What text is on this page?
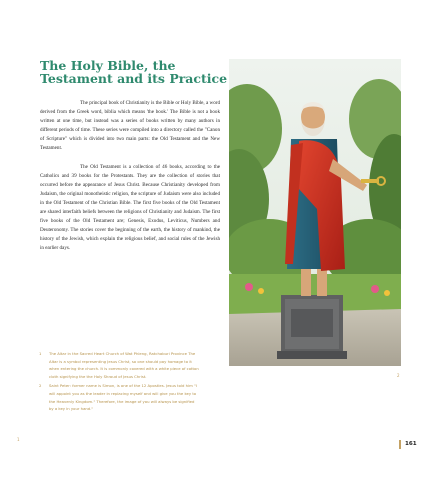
The Holy Bible, the Testament and its Practice

The principal book of Christianity is the Bible or Holy Bible, a word derived from the Greek word, biblia which means 'the book.' The Bible is not a book written at one time, but instead was a series of books written by many authors in different periods of time. These series were compiled into a directory called the "Canon of Scripture" which is divided into two main parts: the Old Testament and the New Testament.

The Old Testament is a collection of 46 books, according to the Catholics and 39 books for the Protestants. They are the collection of stories that occurred before the appearance of Jesus Christ. Because Christianity developed from Judaism, the original monotheistic religion, the scripture of Judaism were also included in the Old Testament of the Christian Bible. The first five books of the Old Testament are shared interfaith beliefs between the religions of Christianity and Judaism. The first five books of the Old Testament are; Genesis, Exodus, Leviticus, Numbers and Deuteronomy. The stories cover the beginning of the earth, the history of mankind, the history of the Jewish, which explain the religious belief, and social rules of the Jewish in earlier days.

1 The Altar in the Sacred Heart Church of Wat Phleng, Ratchaburi Province The Altar is a symbol representing Jesus Christ, so one should pay homage to it when entering the church. It is commonly covered with a white piece of cotton cloth signifying the the Holy Shroud of Jesus Christ.

2 Saint Peter: former name is Simon, is one of the 12 Apostles. Jesus told him "I will appoint you as the leader in replacing myself and will give you the key to the Heavenly Kingdom." Therefore, the image of you will always be signified by a key in your hand."

2
1
161
